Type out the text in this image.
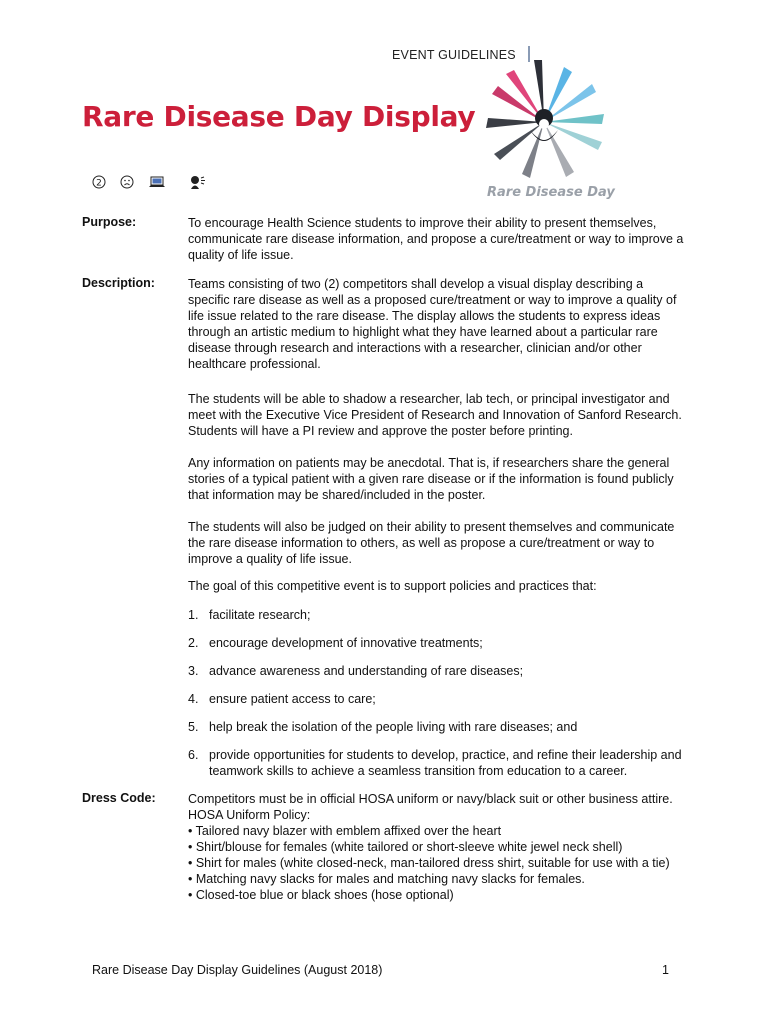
EVENT GUIDELINES
Rare Disease Day Display
Rare Disease Day
2
Purpose:	To encourage Health Science students to improve their ability to present themselves, communicate rare disease information, and propose a cure/treatment or way to improve a quality of life issue.

Description:	Teams consisting of two (2) competitors shall develop a visual display describing a specific rare disease as well as a proposed cure/treatment or way to improve a quality of life issue related to the rare disease. The display allows the students to express ideas through an artistic medium to highlight what they have learned about a particular rare disease through research and interactions with a researcher, clinician and/or other healthcare professional.

The students will be able to shadow a researcher, lab tech, or principal investigator and meet with the Executive Vice President of Research and Innovation of Sanford Research. Students will have a PI review and approve the poster before printing.

Any information on patients may be anecdotal. That is, if researchers share the general stories of a typical patient with a given rare disease or if the information is found publicly that information may be shared/included in the poster.

The students will also be judged on their ability to present themselves and communicate the rare disease information to others, as well as propose a cure/treatment or way to improve a quality of life issue.

The goal of this competitive event is to support policies and practices that:

1. facilitate research;
2. encourage development of innovative treatments;
3. advance awareness and understanding of rare diseases;
4. ensure patient access to care;
5. help break the isolation of the people living with rare diseases; and
6. provide opportunities for students to develop, practice, and refine their leadership and teamwork skills to achieve a seamless transition from education to a career.
Dress Code:	Competitors must be in official HOSA uniform or navy/black suit or other business attire.

HOSA Uniform Policy:

• Tailored navy blazer with emblem affixed over the heart

• Shirt/blouse for females (white tailored or short-sleeve white jewel neck shell)

• Shirt for males (white closed-neck, man-tailored dress shirt, suitable for use with a tie)

• Matching navy slacks for males and matching navy slacks for females.

• Closed-toe blue or black shoes (hose optional)

Rare Disease Day Display Guidelines (August 2018)	1
